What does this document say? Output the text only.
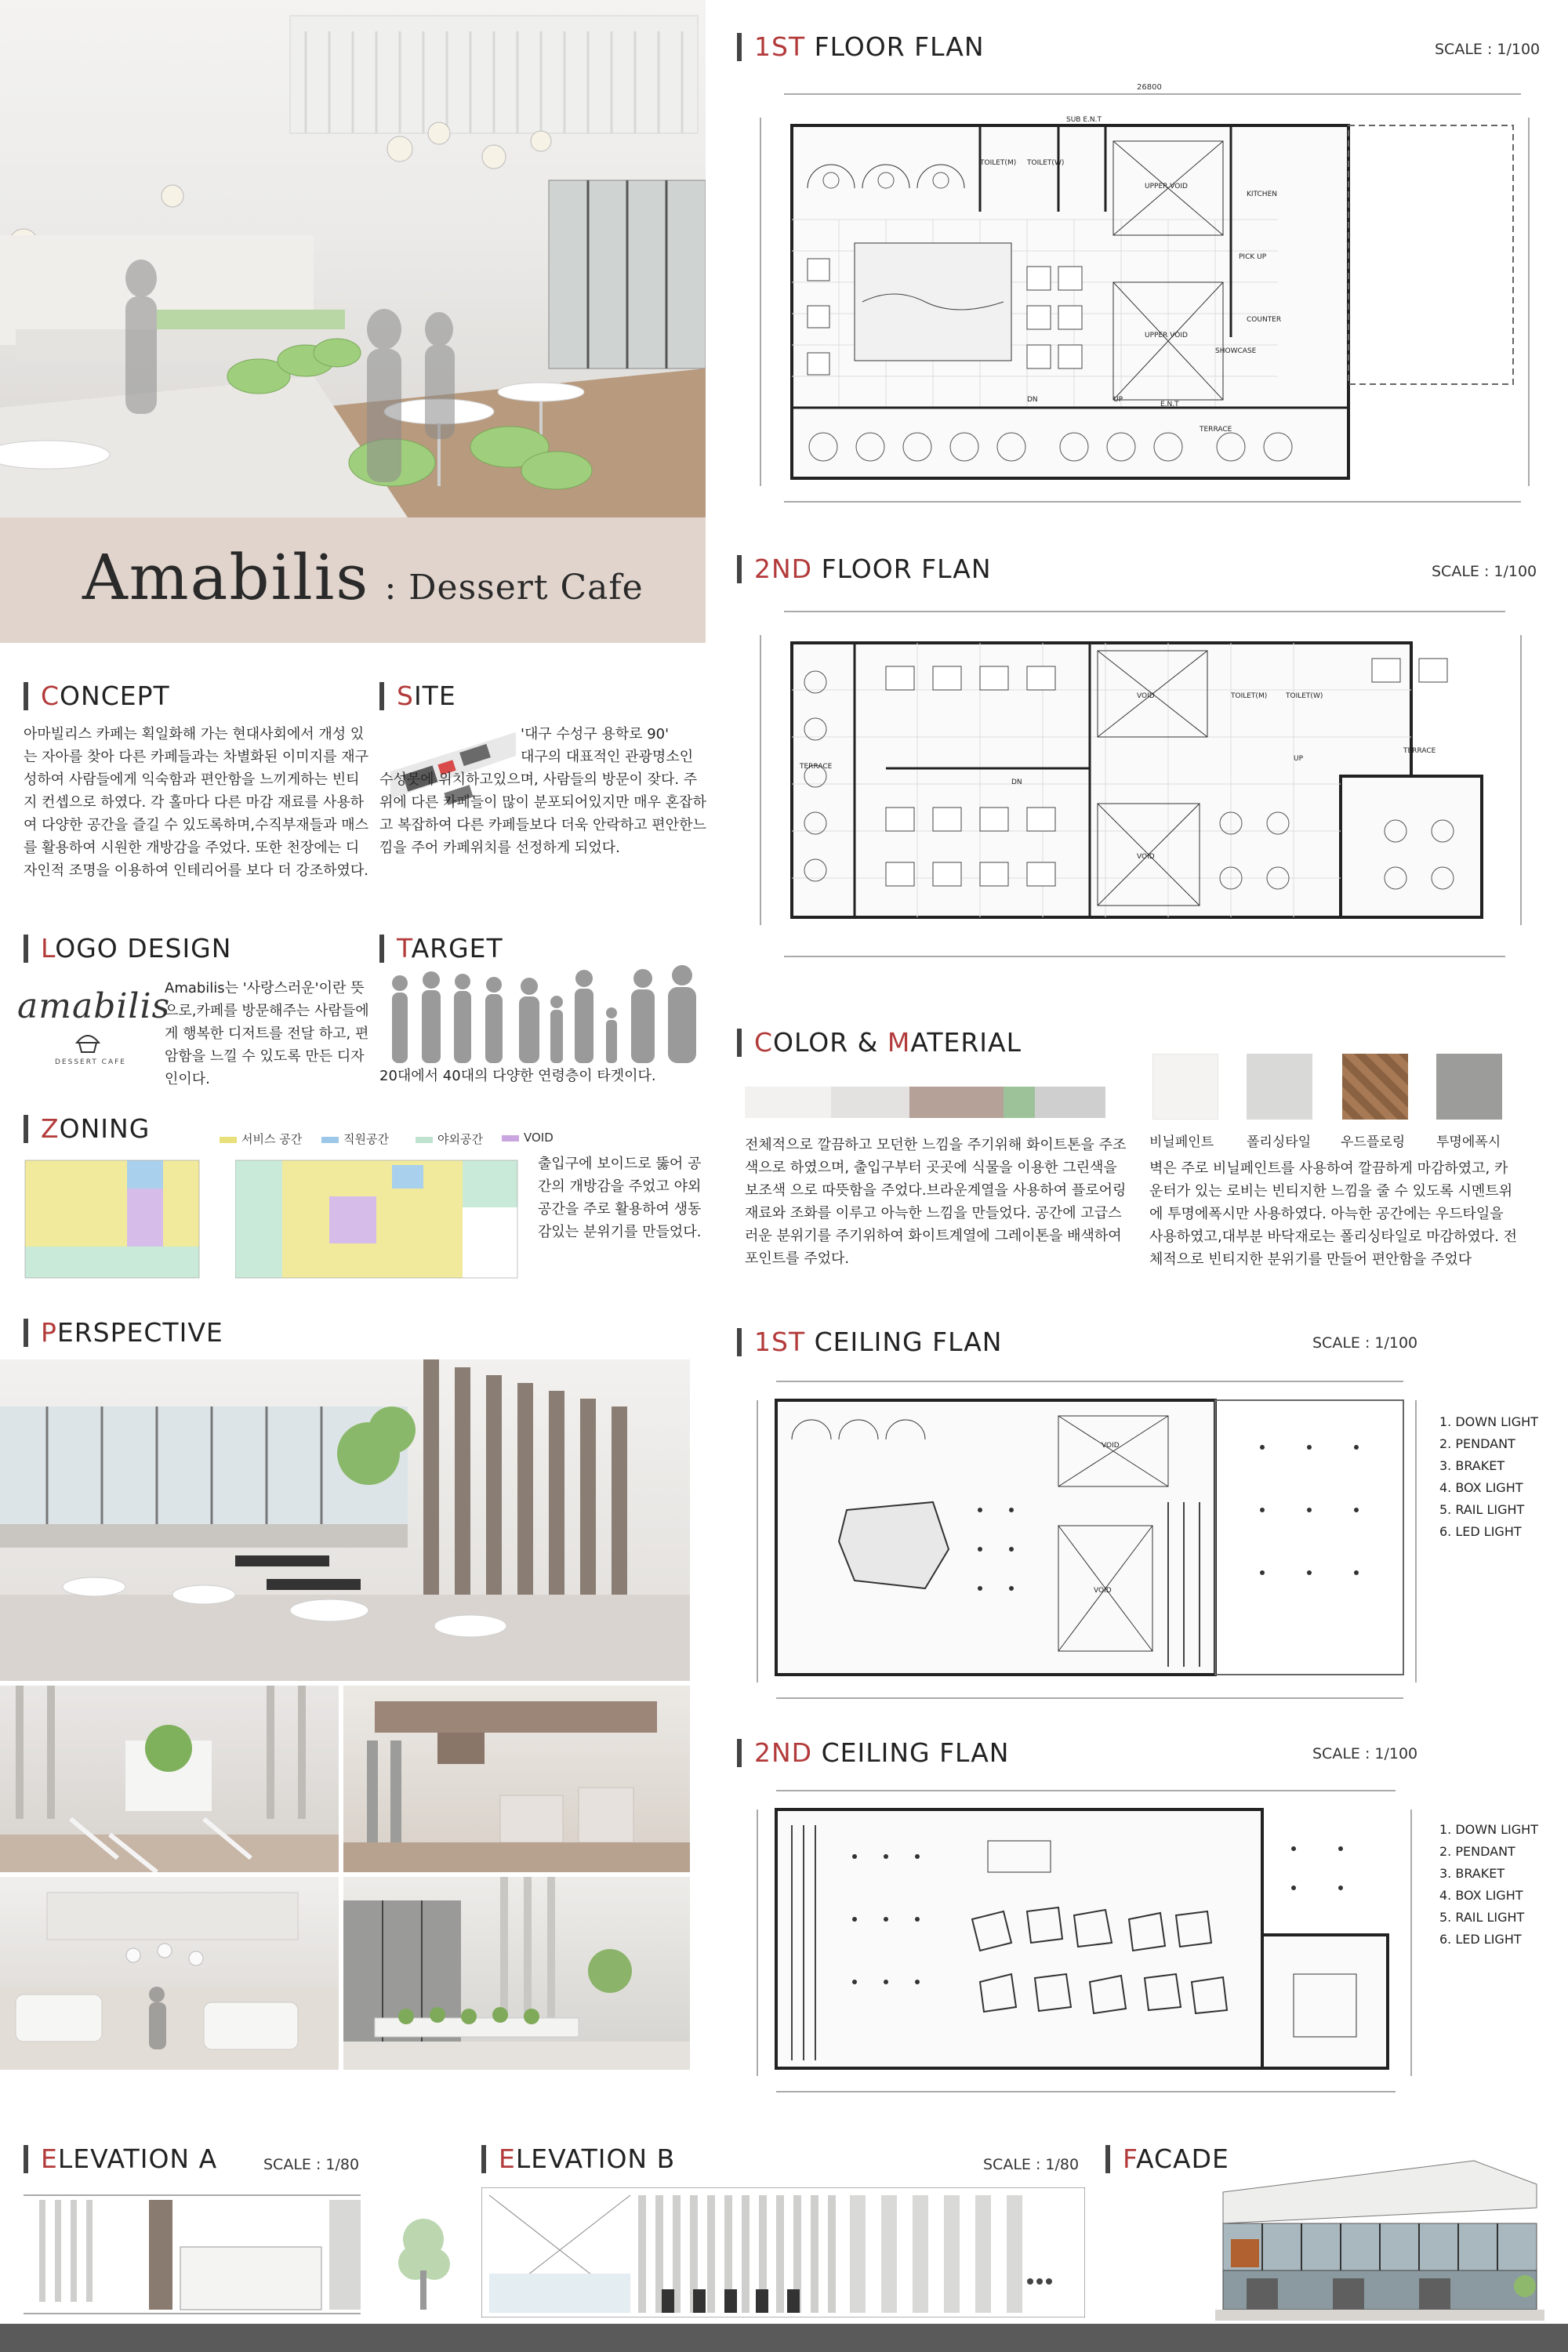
Amabilis : Dessert Cafe
CONCEPT
아마빌리스 카페는 획일화해 가는 현대사회에서 개성 있는 자아를 찾아 다른 카페들과는 차별화된 이미지를 재구성하여 사람들에게 익숙함과 편안함을 느끼게하는 빈티지 컨셉으로 하였다. 각 홀마다 다른 마감 재료를 사용하여 다양한 공간을 즐길 수 있도록하며,수직부재들과 매스를 활용하여 시원한 개방감을 주었다. 또한 천장에는 디자인적 조명을 이용하여 인테리어를 보다 더 강조하였다.
SITE
'대구 수성구 용학로 90'
대구의 대표적인 관광명소인 수성못에 위치하고있으며, 사람들의 방문이 잦다. 주위에 다른 카페들이 많이 분포되어있지만 매우 혼잡하고 복잡하여 다른 카페들보다 더욱 안락하고 편안한느낌을 주어 카페위치를 선정하게 되었다.
LOGO DESIGN
amabilis
DESSERT CAFE
Amabilis는 '사랑스러운'이란 뜻으로,카페를 방문해주는 사람들에게 행복한 디저트를 전달 하고, 편암함을 느낄 수 있도록 만든 디자인이다.
TARGET
20대에서 40대의 다양한 연령층이 타겟이다.
ZONING	서비스 공간	직원공간	야외공간	VOID
출입구에 보이드로 뚫어 공간의 개방감을 주었고 야외공간을 주로 활용하여 생동감있는 분위기를 만들었다.
PERSPECTIVE
1ST FLOOR FLAN	SCALE : 1/100
26800
SUB E.N.T
TOILET(M) TOILET(W)
UPPER VOID
KITCHEN
PICK UP
COUNTER
SHOWCASE
UPPER VOID
E.N.T
TERRACE
DN	UP
2ND FLOOR FLAN	SCALE : 1/100
TERRACE
VOID	TOILET(M)	TOILET(W)
TERRACE
VOID
DN
UP
COLOR & MATERIAL
전체적으로 깔끔하고 모던한 느낌을 주기위해 화이트톤을 주조색으로 하였으며, 출입구부터 곳곳에 식물을 이용한 그린색을 보조색 으로 따뜻함을 주었다.브라운계열을 사용하여 플로어링 재료와 조화를 이루고 아늑한 느낌을 만들었다. 공간에 고급스러운 분위기를 주기위하여 화이트계열에 그레이톤을 배색하여 포인트를 주었다.
비닐페인트 폴리싱타일 우드플로링 투명에폭시
벽은 주로 비닐페인트를 사용하여 깔끔하게 마감하였고, 카운터가 있는 로비는 빈티지한 느낌을 줄 수 있도록 시멘트위에 투명에폭시만 사용하였다. 아늑한 공간에는 우드타일을 사용하였고,대부분 바닥재로는 폴리싱타일로 마감하였다. 전체적으로 빈티지한 분위기를 만들어 편안함을 주었다
1ST CEILING FLAN	SCALE : 1/100
VOID
VOID
1. DOWN LIGHT
2. PENDANT
3. BRAKET
4. BOX LIGHT
5. RAIL LIGHT
6. LED LIGHT
2ND CEILING FLAN	SCALE : 1/100
1. DOWN LIGHT
2. PENDANT
3. BRAKET
4. BOX LIGHT
5. RAIL LIGHT
6. LED LIGHT
ELEVATION A	SCALE : 1/80	ELEVATION B	SCALE : 1/80	FACADE
